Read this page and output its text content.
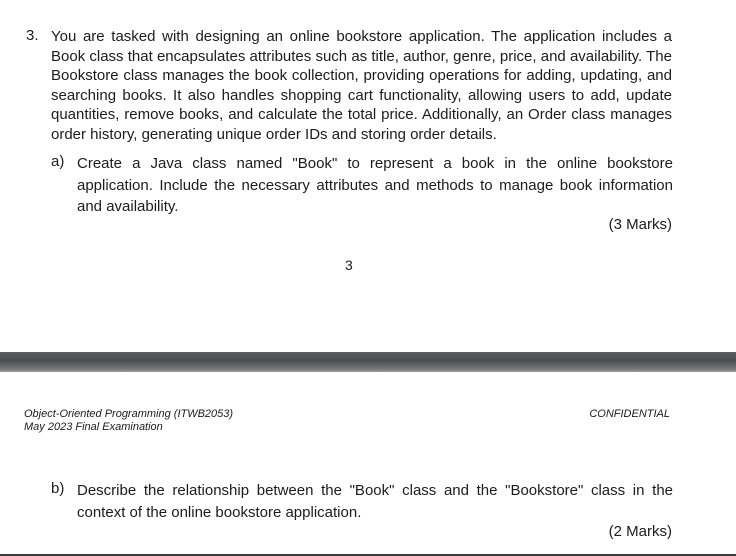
3. You are tasked with designing an online bookstore application. The application includes a Book class that encapsulates attributes such as title, author, genre, price, and availability. The Bookstore class manages the book collection, providing operations for adding, updating, and searching books. It also handles shopping cart functionality, allowing users to add, update quantities, remove books, and calculate the total price. Additionally, an Order class manages order history, generating unique order IDs and storing order details.
a) Create a Java class named "Book" to represent a book in the online bookstore application. Include the necessary attributes and methods to manage book information and availability.
(3 Marks)
3
Object-Oriented Programming (ITWB2053)
May 2023 Final Examination
CONFIDENTIAL
b) Describe the relationship between the "Book" class and the "Bookstore" class in the context of the online bookstore application.
(2 Marks)
